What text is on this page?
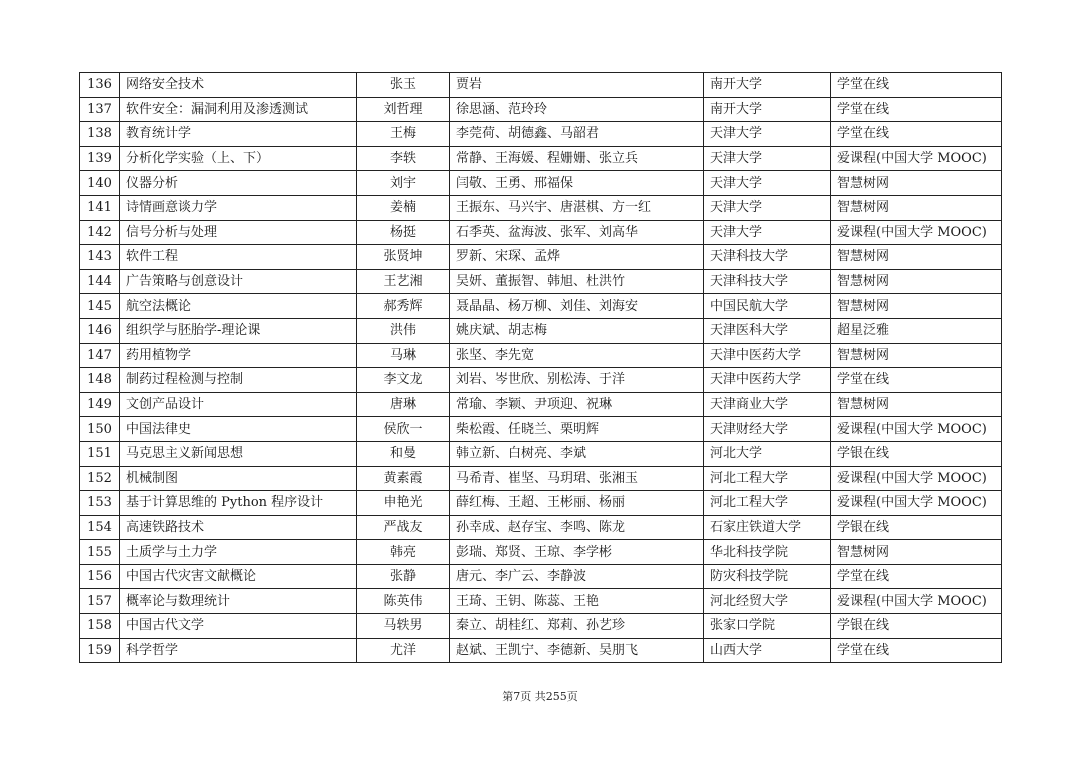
136	网络安全技术	张玉	贾岩	南开大学	学堂在线
137	软件安全：漏洞利用及渗透测试	刘哲理	徐思涵、范玲玲	南开大学	学堂在线
138	教育统计学	王梅	李莞荷、胡德鑫、马韶君	天津大学	学堂在线
139	分析化学实验（上、下）	李轶	常静、王海媛、程姗姗、张立兵	天津大学	爱课程(中国大学 MOOC)
140	仪器分析	刘宇	闫敬、王勇、邢福保	天津大学	智慧树网
141	诗情画意谈力学	姜楠	王振东、马兴宇、唐湛棋、方一红	天津大学	智慧树网
142	信号分析与处理	杨挺	石季英、盆海波、张军、刘高华	天津大学	爱课程(中国大学 MOOC)
143	软件工程	张贤坤	罗新、宋琛、孟烨	天津科技大学	智慧树网
144	广告策略与创意设计	王艺湘	吴妍、董振智、韩旭、杜洪竹	天津科技大学	智慧树网
145	航空法概论	郝秀辉	聂晶晶、杨万柳、刘佳、刘海安	中国民航大学	智慧树网
146	组织学与胚胎学-理论课	洪伟	姚庆斌、胡志梅	天津医科大学	超星泛雅
147	药用植物学	马琳	张坚、李先宽	天津中医药大学	智慧树网
148	制药过程检测与控制	李文龙	刘岩、岑世欣、别松涛、于洋	天津中医药大学	学堂在线
149	文创产品设计	唐琳	常瑜、李颖、尹项迎、祝琳	天津商业大学	智慧树网
150	中国法律史	侯欣一	柴松霞、任晓兰、栗明辉	天津财经大学	爱课程(中国大学 MOOC)
151	马克思主义新闻思想	和曼	韩立新、白树亮、李斌	河北大学	学银在线
152	机械制图	黄素霞	马希青、崔坚、马玥珺、张湘玉	河北工程大学	爱课程(中国大学 MOOC)
153	基于计算思维的 Python 程序设计	申艳光	薛红梅、王超、王彬丽、杨丽	河北工程大学	爱课程(中国大学 MOOC)
154	高速铁路技术	严战友	孙幸成、赵存宝、李鸣、陈龙	石家庄铁道大学	学银在线
155	土质学与土力学	韩亮	彭瑞、郑贤、王琼、李学彬	华北科技学院	智慧树网
156	中国古代灾害文献概论	张静	唐元、李广云、李静波	防灾科技学院	学堂在线
157	概率论与数理统计	陈英伟	王琦、王钥、陈蕊、王艳	河北经贸大学	爱课程(中国大学 MOOC)
158	中国古代文学	马轶男	秦立、胡桂红、郑莉、孙艺珍	张家口学院	学银在线
159	科学哲学	尤洋	赵斌、王凯宁、李德新、吴朋飞	山西大学	学堂在线
第7页 共255页
